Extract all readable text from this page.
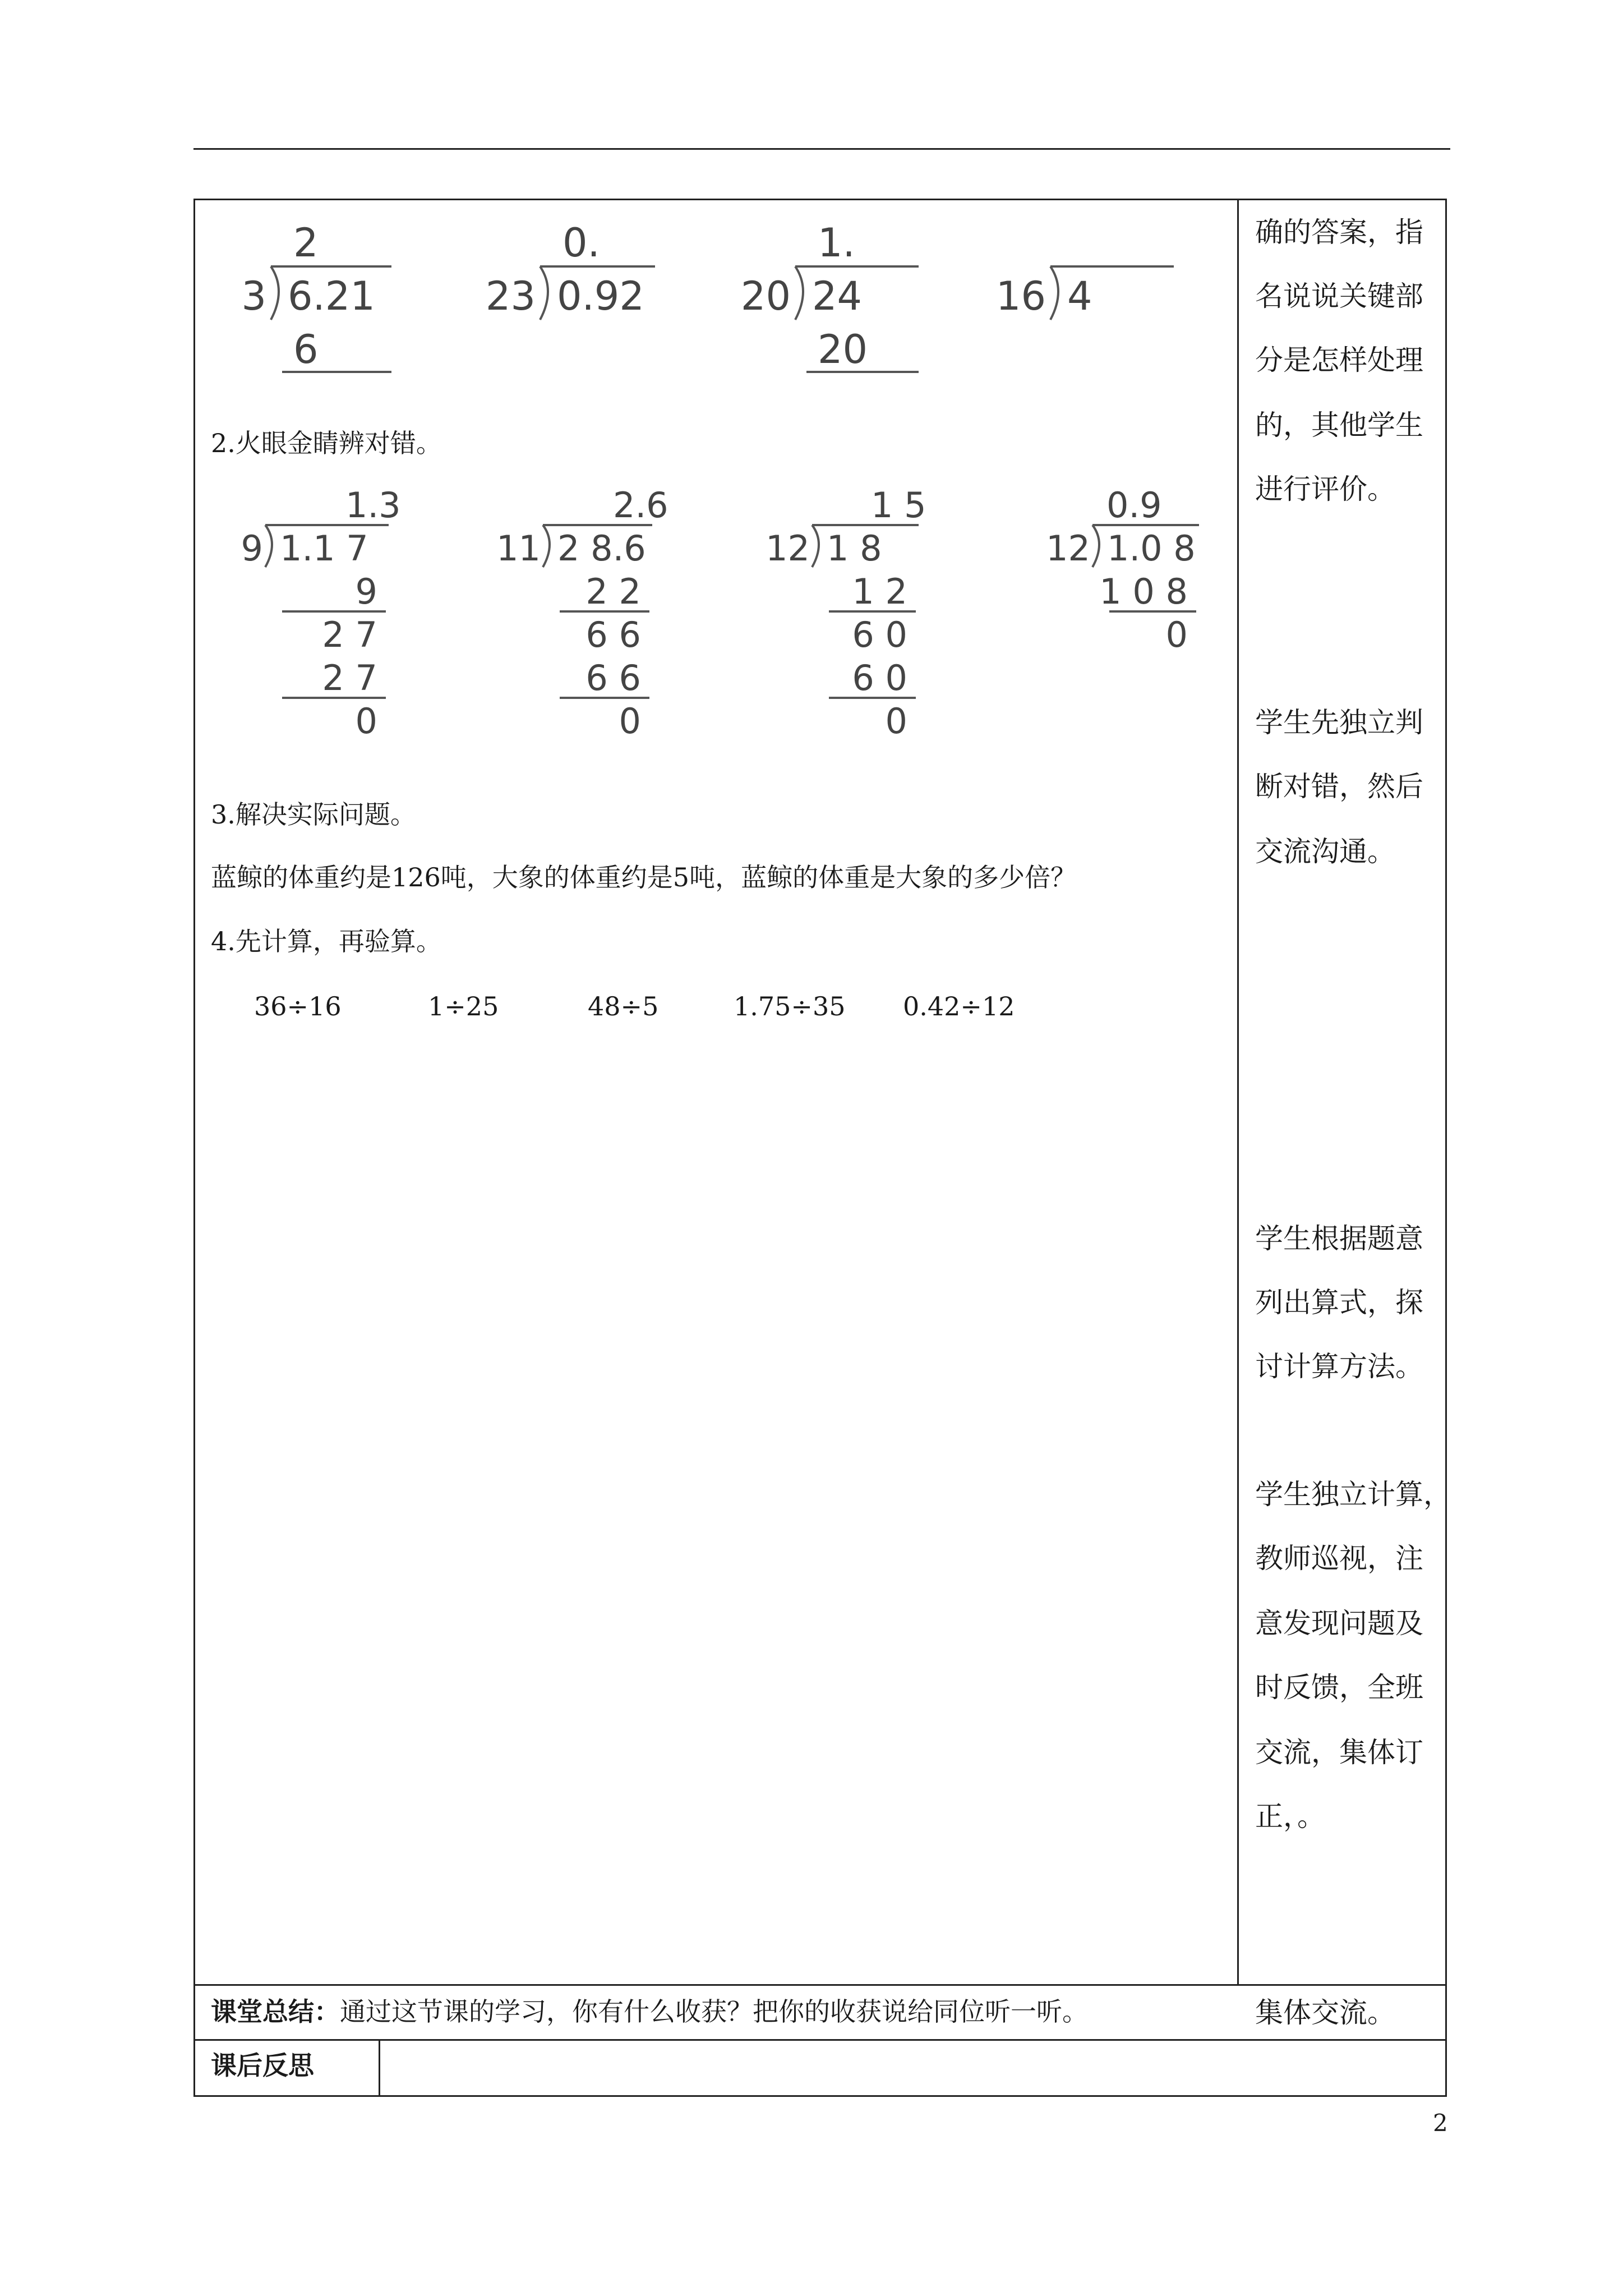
2
3 6.21
6
0.
23 0.92
1.
20 24
20
16 4
2.火眼金睛辨对错。
1.3
9 1.1 7
9
2 7
2 7
0
2.6
11 2 8.6
2 2
6 6
6 6
0
1 5
12 1 8
1 2
6 0
6 0
0
0.9
12 1.0 8
1 0 8
0
3.解决实际问题。
蓝鲸的体重约是126吨，大象的体重约是5吨，蓝鲸的体重是大象的多少倍？
4.先计算，再验算。
36÷16	1÷25	48÷5	1.75÷35 0.42÷12
确的答案，指
名说说关键部
分是怎样处理
的，其他学生
进行评价。
学生先独立判
断对错，然后
交流沟通。
学生根据题意
列出算式，探
讨计算方法。
学生独立计算，
教师巡视，注
意发现问题及
时反馈，全班
交流，集体订
正，。
课堂总结：通过这节课的学习，你有什么收获？把你的收获说给同位听一听。	集体交流。
课后反思
2
